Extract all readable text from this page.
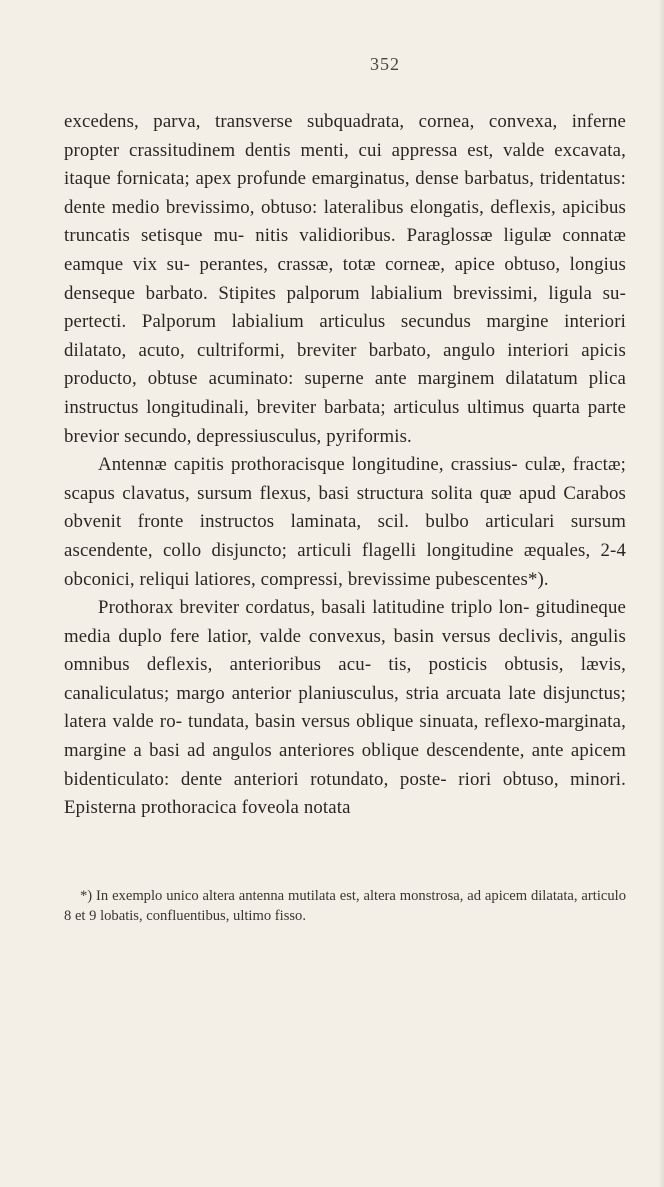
352

excedens, parva, transverse subquadrata, cornea, convexa, inferne propter crassitudinem dentis menti, cui appressa est, valde excavata, itaque fornicata; apex profunde emarginatus, dense barbatus, tridentatus: dente medio brevissimo, obtuso: lateralibus elongatis, deflexis, apicibus truncatis setisque mu- nitis validioribus. Paraglossæ ligulæ connatæ eamque vix su- perantes, crassæ, totæ corneæ, apice obtuso, longius denseque barbato. Stipites palporum labialium brevissimi, ligula su- pertecti. Palporum labialium articulus secundus margine interiori dilatato, acuto, cultriformi, breviter barbato, angulo interiori apicis producto, obtuse acuminato: superne ante marginem dilatatum plica instructus longitudinali, breviter barbata; articulus ultimus quarta parte brevior secundo, depressiusculus, pyriformis.

Antennæ capitis prothoracisque longitudine, crassius- culæ, fractæ; scapus clavatus, sursum flexus, basi structura solita quæ apud Carabos obvenit fronte instructos laminata, scil. bulbo articulari sursum ascendente, collo disjuncto; articuli flagelli longitudine æquales, 2-4 obconici, reliqui latiores, compressi, brevissime pubescentes*).

Prothorax breviter cordatus, basali latitudine triplo lon- gitudineque media duplo fere latior, valde convexus, basin versus declivis, angulis omnibus deflexis, anterioribus acu- tis, posticis obtusis, lævis, canaliculatus; margo anterior planiusculus, stria arcuata late disjunctus; latera valde ro- tundata, basin versus oblique sinuata, reflexo-marginata, margine a basi ad angulos anteriores oblique descendente, ante apicem bidenticulato: dente anteriori rotundato, poste- riori obtuso, minori. Episterna prothoracica foveola notata

*) In exemplo unico altera antenna mutilata est, altera monstrosa, ad apicem dilatata, articulo 8 et 9 lobatis, confluentibus, ultimo fisso.
